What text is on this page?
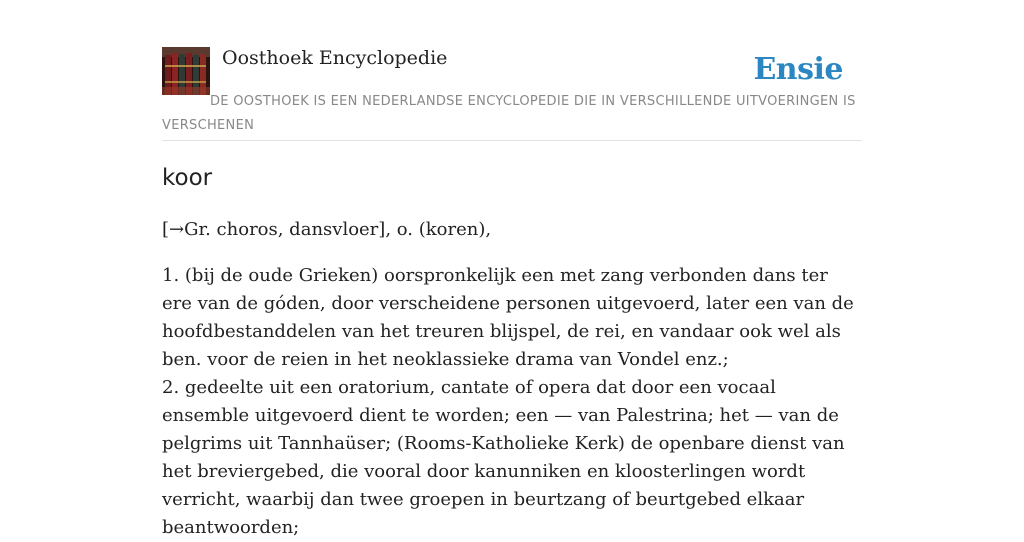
Oosthoek Encyclopedie	Ensie
DE OOSTHOEK IS EEN NEDERLANDSE ENCYCLOPEDIE DIE IN VERSCHILLENDE UITVOERINGEN IS VERSCHENEN
koor

[→Gr. choros, dansvloer], o. (koren),

1. (bij de oude Grieken) oorspronkelijk een met zang verbonden dans ter ere van de góden, door verscheidene personen uitgevoerd, later een van de hoofdbestanddelen van het treuren blijspel, de rei, en vandaar ook wel als ben. voor de reien in het neoklassieke drama van Vondel enz.;
2. gedeelte uit een oratorium, cantate of opera dat door een vocaal ensemble uitgevoerd dient te worden; een — van Palestrina; het — van de pelgrims uit Tannhaüser; (Rooms-Katholieke Kerk) de openbare dienst van het breviergebed, die vooral door kanunniken en kloosterlingen wordt verricht, waarbij dan twee groepen in beurtzang of beurtgebed elkaar beantwoorden;
